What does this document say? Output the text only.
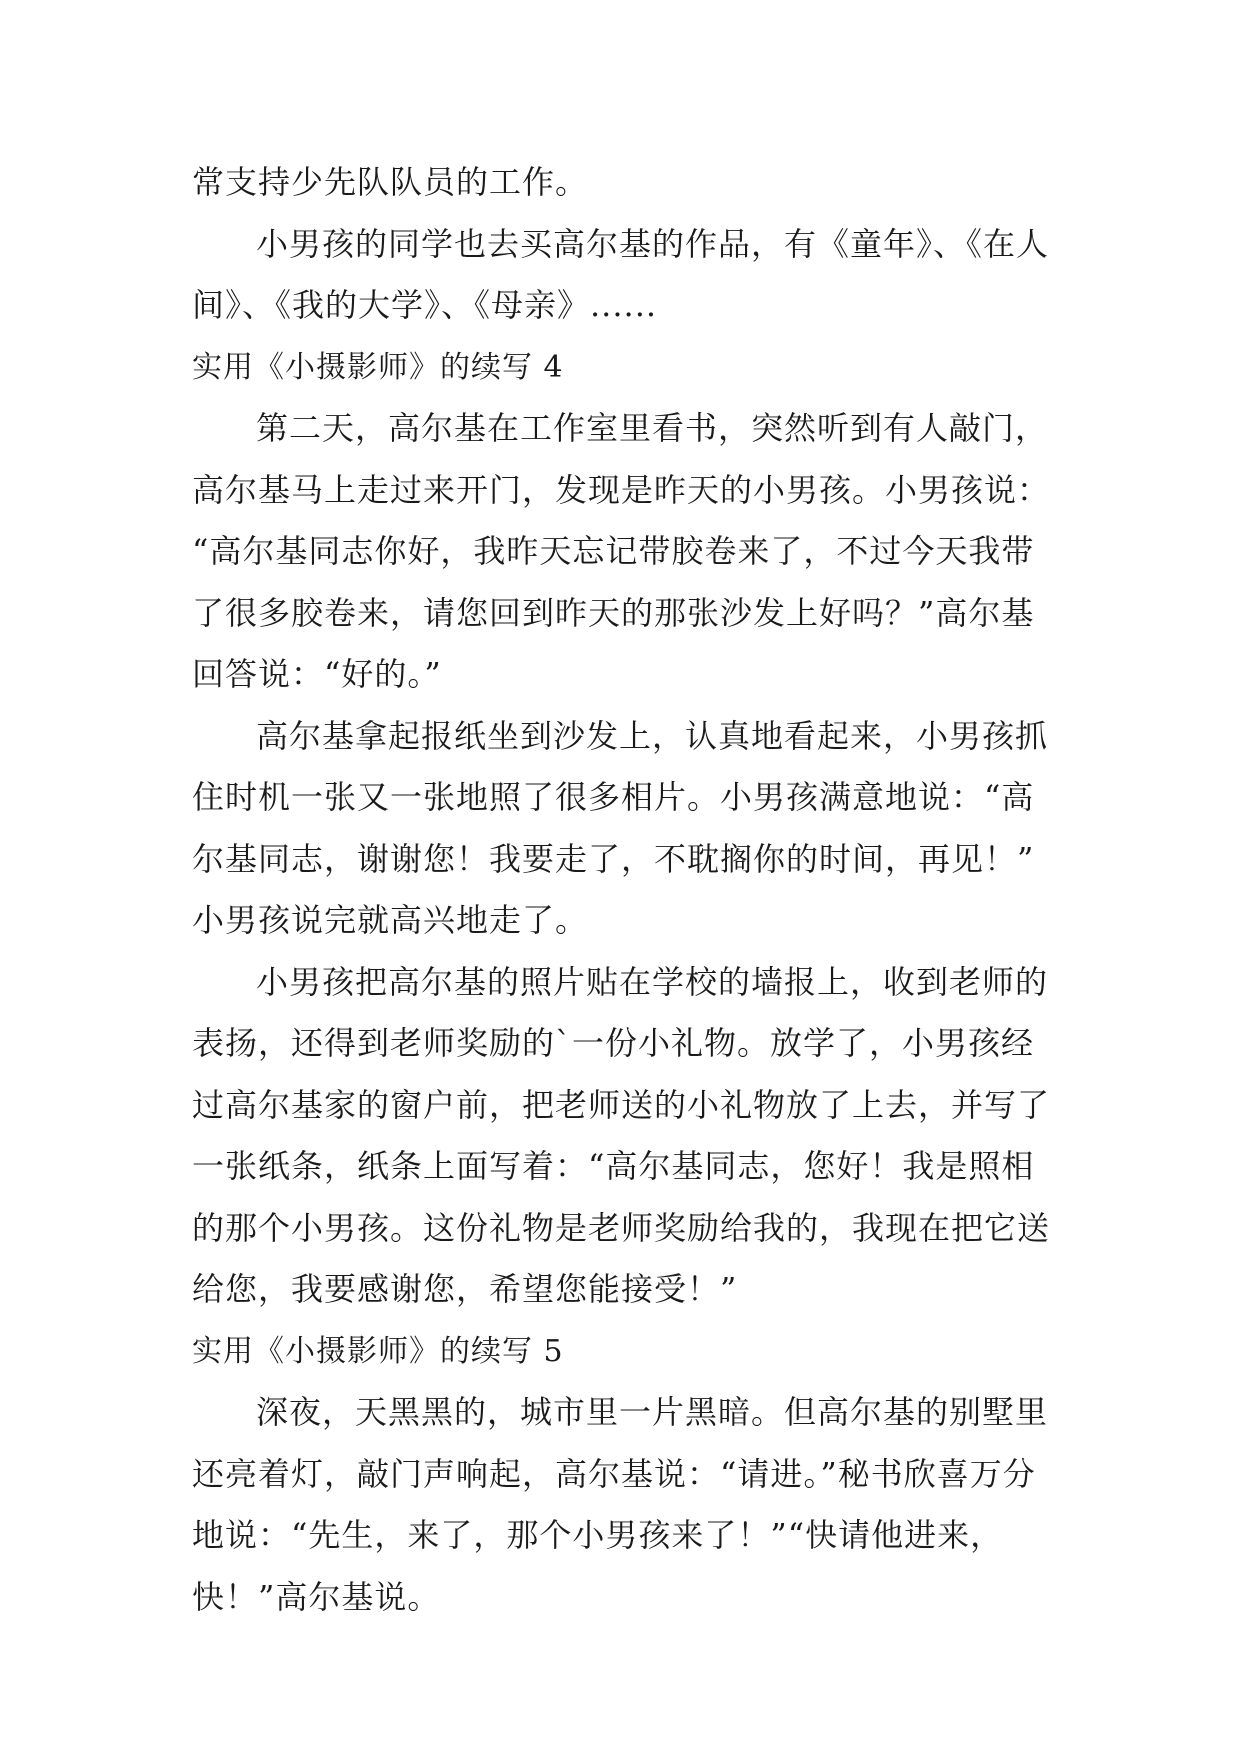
常支持少先队队员的工作。
小男孩的同学也去买高尔基的作品，有《童年》、《在人
间》、《我的大学》、《母亲》......
实用《小摄影师》的续写 4
第二天，高尔基在工作室里看书，突然听到有人敲门，
高尔基马上走过来开门，发现是昨天的小男孩。小男孩说：
“高尔基同志你好，我昨天忘记带胶卷来了，不过今天我带
了很多胶卷来，请您回到昨天的那张沙发上好吗？”高尔基
回答说：“好的。”
高尔基拿起报纸坐到沙发上，认真地看起来，小男孩抓
住时机一张又一张地照了很多相片。小男孩满意地说：“高
尔基同志，谢谢您！我要走了，不耽搁你的时间，再见！”
小男孩说完就高兴地走了。
小男孩把高尔基的照片贴在学校的墙报上，收到老师的
表扬，还得到老师奖励的`一份小礼物。放学了，小男孩经
过高尔基家的窗户前，把老师送的小礼物放了上去，并写了
一张纸条，纸条上面写着：“高尔基同志，您好！我是照相
的那个小男孩。这份礼物是老师奖励给我的，我现在把它送
给您，我要感谢您，希望您能接受！”
实用《小摄影师》的续写 5
深夜，天黑黑的，城市里一片黑暗。但高尔基的别墅里
还亮着灯，敲门声响起，高尔基说：“请进。”秘书欣喜万分
地说：“先生，来了，那个小男孩来了！”“快请他进来，
快！”高尔基说。
